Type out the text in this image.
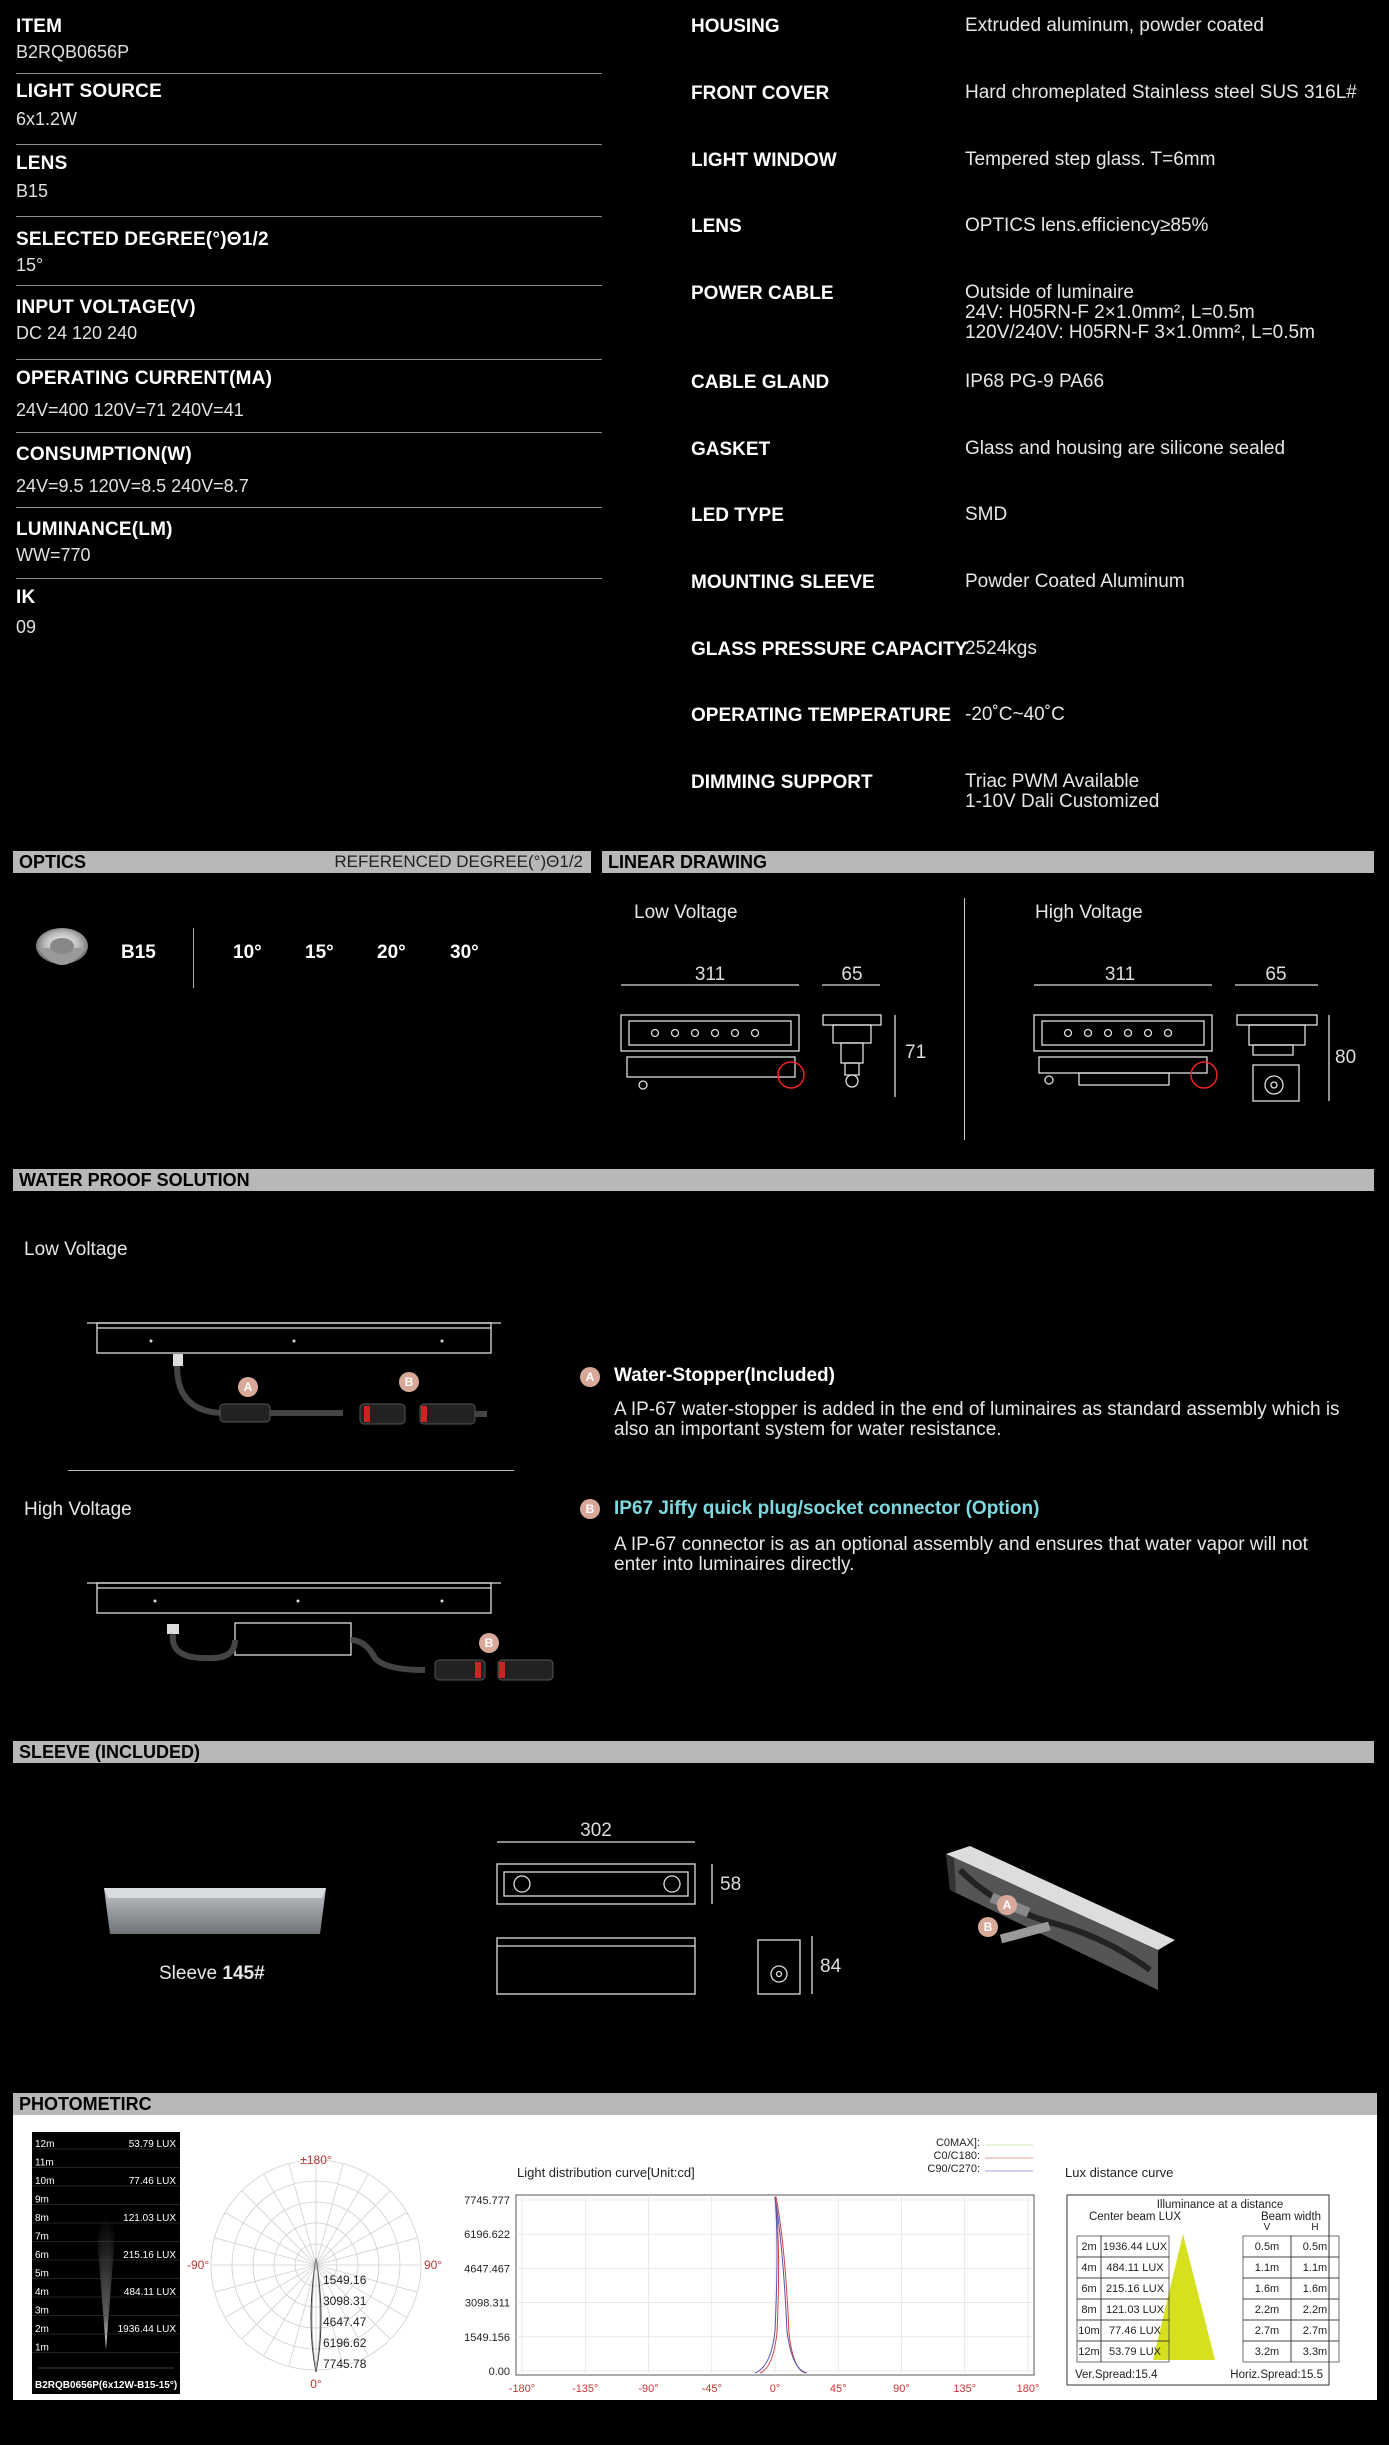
ITEM
B2RQB0656P
LIGHT SOURCE
6x1.2W
LENS
B15
SELECTED DEGREE(°)Θ1/2
15°
INPUT VOLTAGE(V)
DC 24 120 240
OPERATING CURRENT(MA)
24V=400 120V=71 240V=41
CONSUMPTION(W)
24V=9.5 120V=8.5 240V=8.7
LUMINANCE(LM)
WW=770
IK
09
HOUSING	Extruded aluminum, powder coated
FRONT COVER	Hard chromeplated Stainless steel SUS 316L#
LIGHT WINDOW	Tempered step glass. T=6mm
LENS	OPTICS lens.efficiency≥85%
POWER CABLE	Outside of luminaire
24V: H05RN-F 2×1.0mm², L=0.5m
120V/240V: H05RN-F 3×1.0mm², L=0.5m
CABLE GLAND	IP68 PG-9 PA66
GASKET	Glass and housing are silicone sealed
LED TYPE	SMD
MOUNTING SLEEVE	Powder Coated Aluminum
GLASS PRESSURE CAPACITY
2524kgs
OPERATING TEMPERATURE -20˚C~40˚C
DIMMING SUPPORT	Triac PWM Available
1-10V Dali Customized
OPTICS	REFERENCED DEGREE(°)Θ1/2
B15	10° 15° 20° 30°
LINEAR DRAWING
Low Voltage	High Voltage
311	65
71
311	65
80
WATER PROOF SOLUTION
Low Voltage
High Voltage
A	B
B
A Water-Stopper(Included)
A IP-67 water-stopper is added in the end of luminaires as standard assembly which is also an important system for water resistance.
B IP67 Jiffy quick plug/socket connector (Option)
A IP-67 connector is as an optional assembly and ensures that water vapor will not enter into luminaires directly.
SLEEVE (INCLUDED)
Sleeve 145#
302
58
84
A
B
PHOTOMETIRC
12m	53.79 LUX
11m
10m	77.46 LUX
9m
8m	121.03 LUX
7m
6m	215.16 LUX
5m
4m	484.11 LUX
3m
2m	1936.44 LUX
1m
B2RQB0656P(6x12W-B15-15°)
±180°
-90°	90°
0°
1549.16
3098.31
4647.47
6196.62
7745.78
Light distribution curve[Unit:cd]
C0MAX]:
C0/C180:
C90/C270:
7745.777
6196.622
4647.467
3098.311
1549.156
0.00
-180°	-135°	-90°	-45°	0°	45°	90°	135°	180°
Lux distance curve
Illuminance at a distance
Center beam LUX	Beam width
V	H
2m 1936.44 LUX	0.5m 0.5m
4m 484.11 LUX	1.1m 1.1m
6m 215.16 LUX	1.6m 1.6m
8m 121.03 LUX	2.2m 2.2m
10m 77.46 LUX	2.7m 2.7m
12m 53.79 LUX	3.2m 3.3m
Ver.Spread:15.4	Horiz.Spread:15.5
